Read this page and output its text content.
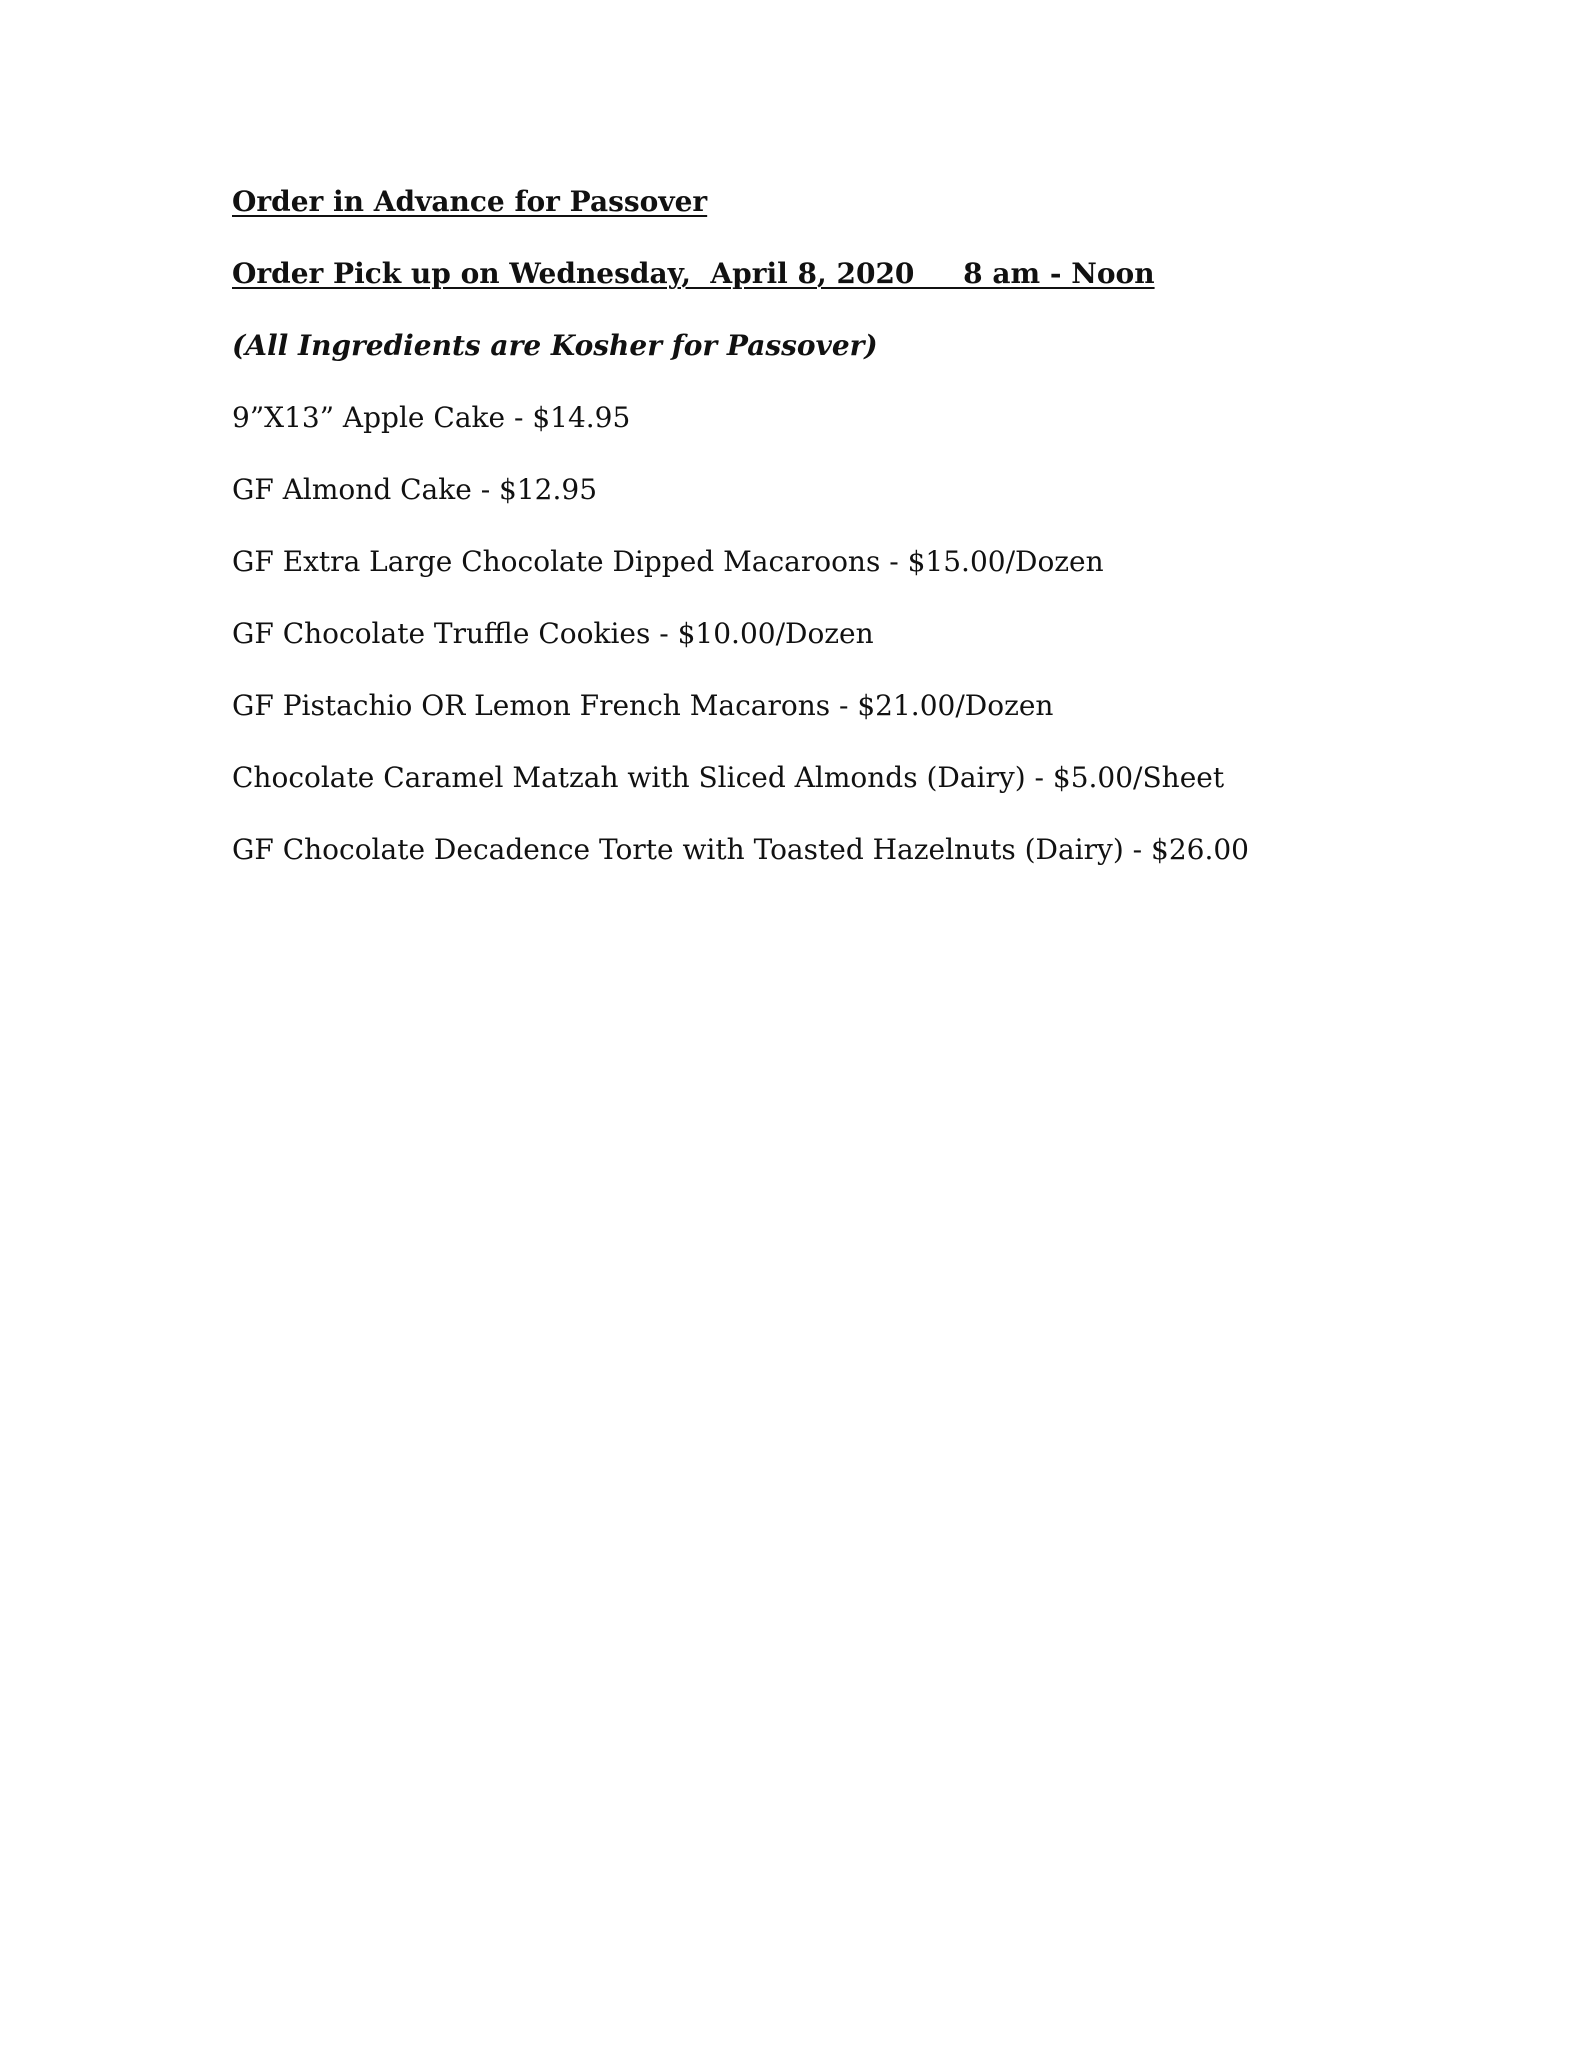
Order in Advance for Passover

Order Pick up on Wednesday,  April 8, 2020     8 am - Noon

(All Ingredients are Kosher for Passover)

9”X13” Apple Cake - $14.95

GF Almond Cake - $12.95

GF Extra Large Chocolate Dipped Macaroons - $15.00/Dozen

GF Chocolate Truffle Cookies - $10.00/Dozen

GF Pistachio OR Lemon French Macarons - $21.00/Dozen

Chocolate Caramel Matzah with Sliced Almonds (Dairy) - $5.00/Sheet

GF Chocolate Decadence Torte with Toasted Hazelnuts (Dairy) - $26.00
